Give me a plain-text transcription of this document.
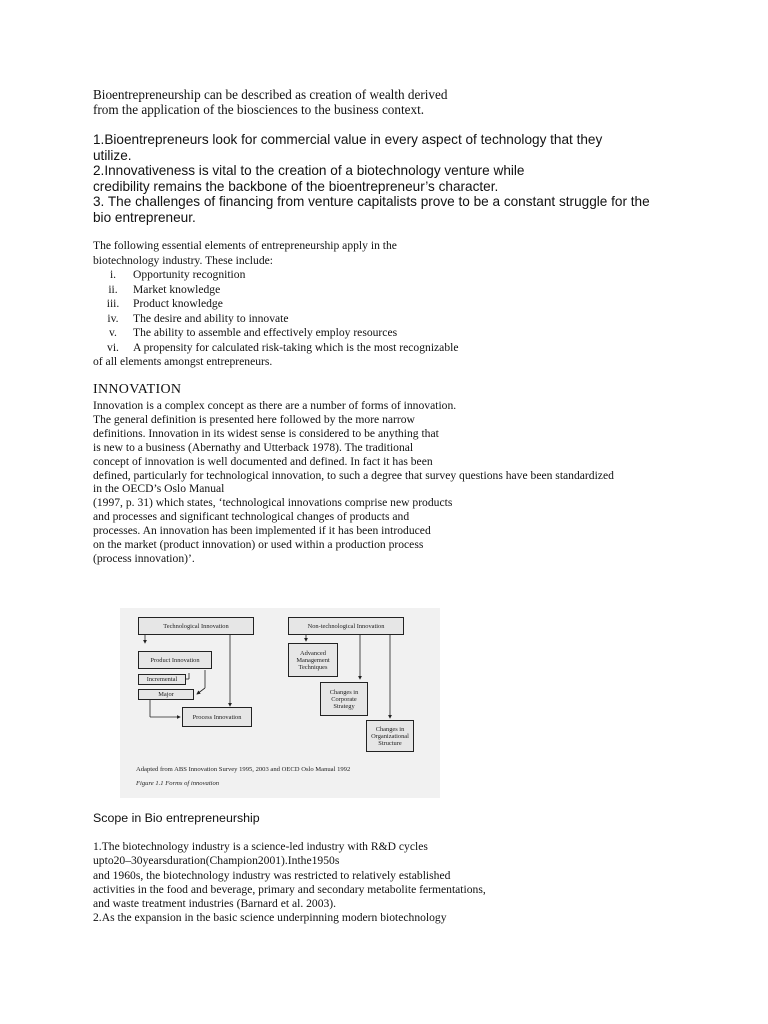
Bioentrepreneurship can be described as creation of wealth derived
from the application of the biosciences to the business context.
1.Bioentrepreneurs look for commercial value in every aspect of technology that they
utilize.
2.Innovativeness is vital to the creation of a biotechnology venture while
credibility remains the backbone of the bioentrepreneur’s character.
3. The challenges of financing from venture capitalists prove to be a constant struggle for the
bio entrepreneur.
The following essential elements of entrepreneurship apply in the
biotechnology industry. These include:
i.	Opportunity recognition
ii.	Market knowledge
iii.	Product knowledge
iv.	The desire and ability to innovate
v.	The ability to assemble and effectively employ resources
vi.	A propensity for calculated risk-taking which is the most recognizable
of all elements amongst entrepreneurs.
INNOVATION
Innovation is a complex concept as there are a number of forms of innovation.
The general definition is presented here followed by the more narrow
definitions. Innovation in its widest sense is considered to be anything that
is new to a business (Abernathy and Utterback 1978). The traditional
concept of innovation is well documented and defined. In fact it has been
defined, particularly for technological innovation, to such a degree that survey questions have been standardized
in the OECD’s Oslo Manual
(1997, p. 31) which states, ‘technological innovations comprise new products
and processes and significant technological changes of products and
processes. An innovation has been implemented if it has been introduced
on the market (product innovation) or used within a production process
(process innovation)’.
Technological Innovation	Non-technological Innovation
Product Innovation
Incremental
Major
Process Innovation
Advanced Management Techniques
Changes in Corporate Strategy
Changes in Organizational Structure
Adapted from ABS Innovation Survey 1995, 2003 and OECD Oslo Manual 1992
Figure 1.1 Forms of innovation
Scope in Bio entrepreneurship
1.The biotechnology industry is a science-led industry with R&D cycles
upto20–30yearsduration(Champion2001).Inthe1950s
and 1960s, the biotechnology industry was restricted to relatively established
activities in the food and beverage, primary and secondary metabolite fermentations,
and waste treatment industries (Barnard et al. 2003).
2.As the expansion in the basic science underpinning modern biotechnology
